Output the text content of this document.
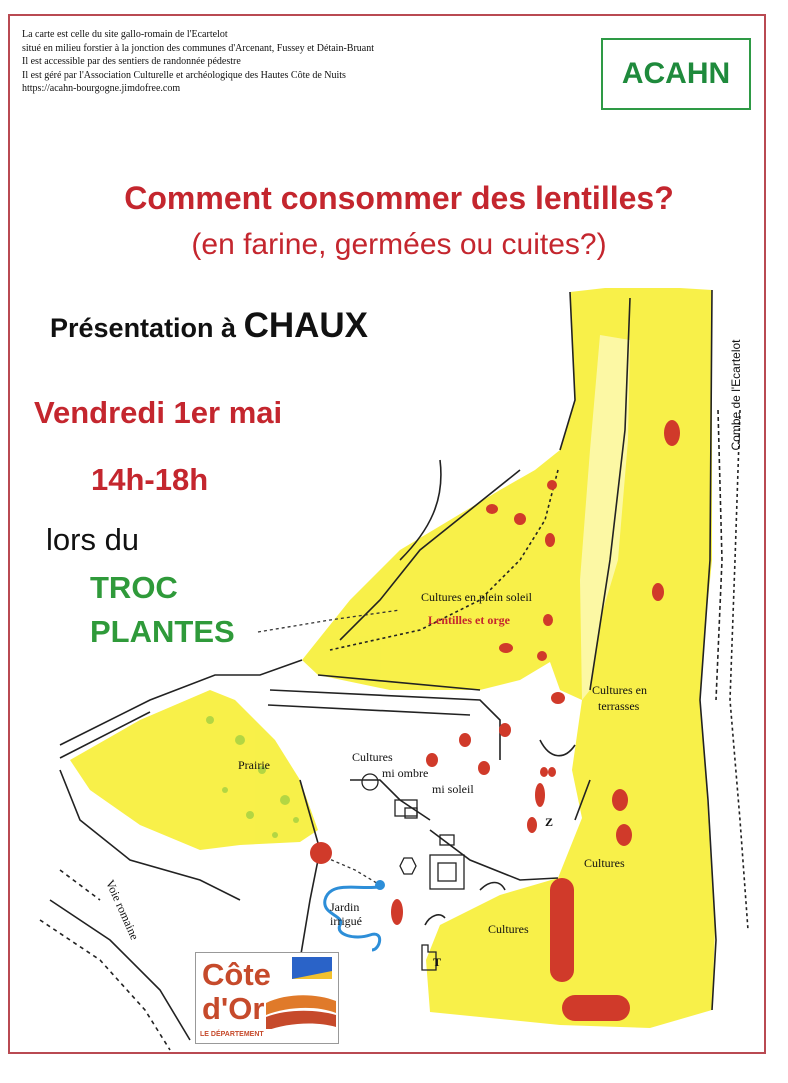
La carte est celle du site gallo-romain de l'Ecartelot
situé en milieu forstier à la jonction des communes d'Arcenant, Fussey et Détain-Bruant
Il est accessible par des sentiers de randonnée pédestre
Il est géré par l'Association Culturelle et archéologique des Hautes Côte de Nuits
https://acahn-bourgogne.jimdofree.com	ACAHN
Comment consommer des lentilles?
(en farine, germées ou cuites?)
Présentation à CHAUX
Vendredi 1er mai
14h-18h
lors du
TROC
PLANTES
Combe de l'Ecartelot
Voie romaine
Prairie
Cultures en plein soleil
Lentilles et orge
Cultures en
terrasses
Cultures
mi ombre
mi soleil
Cultures
Cultures
Jardin
irrigué
Z
T
Côte
d'Or
LE DÉPARTEMENT
